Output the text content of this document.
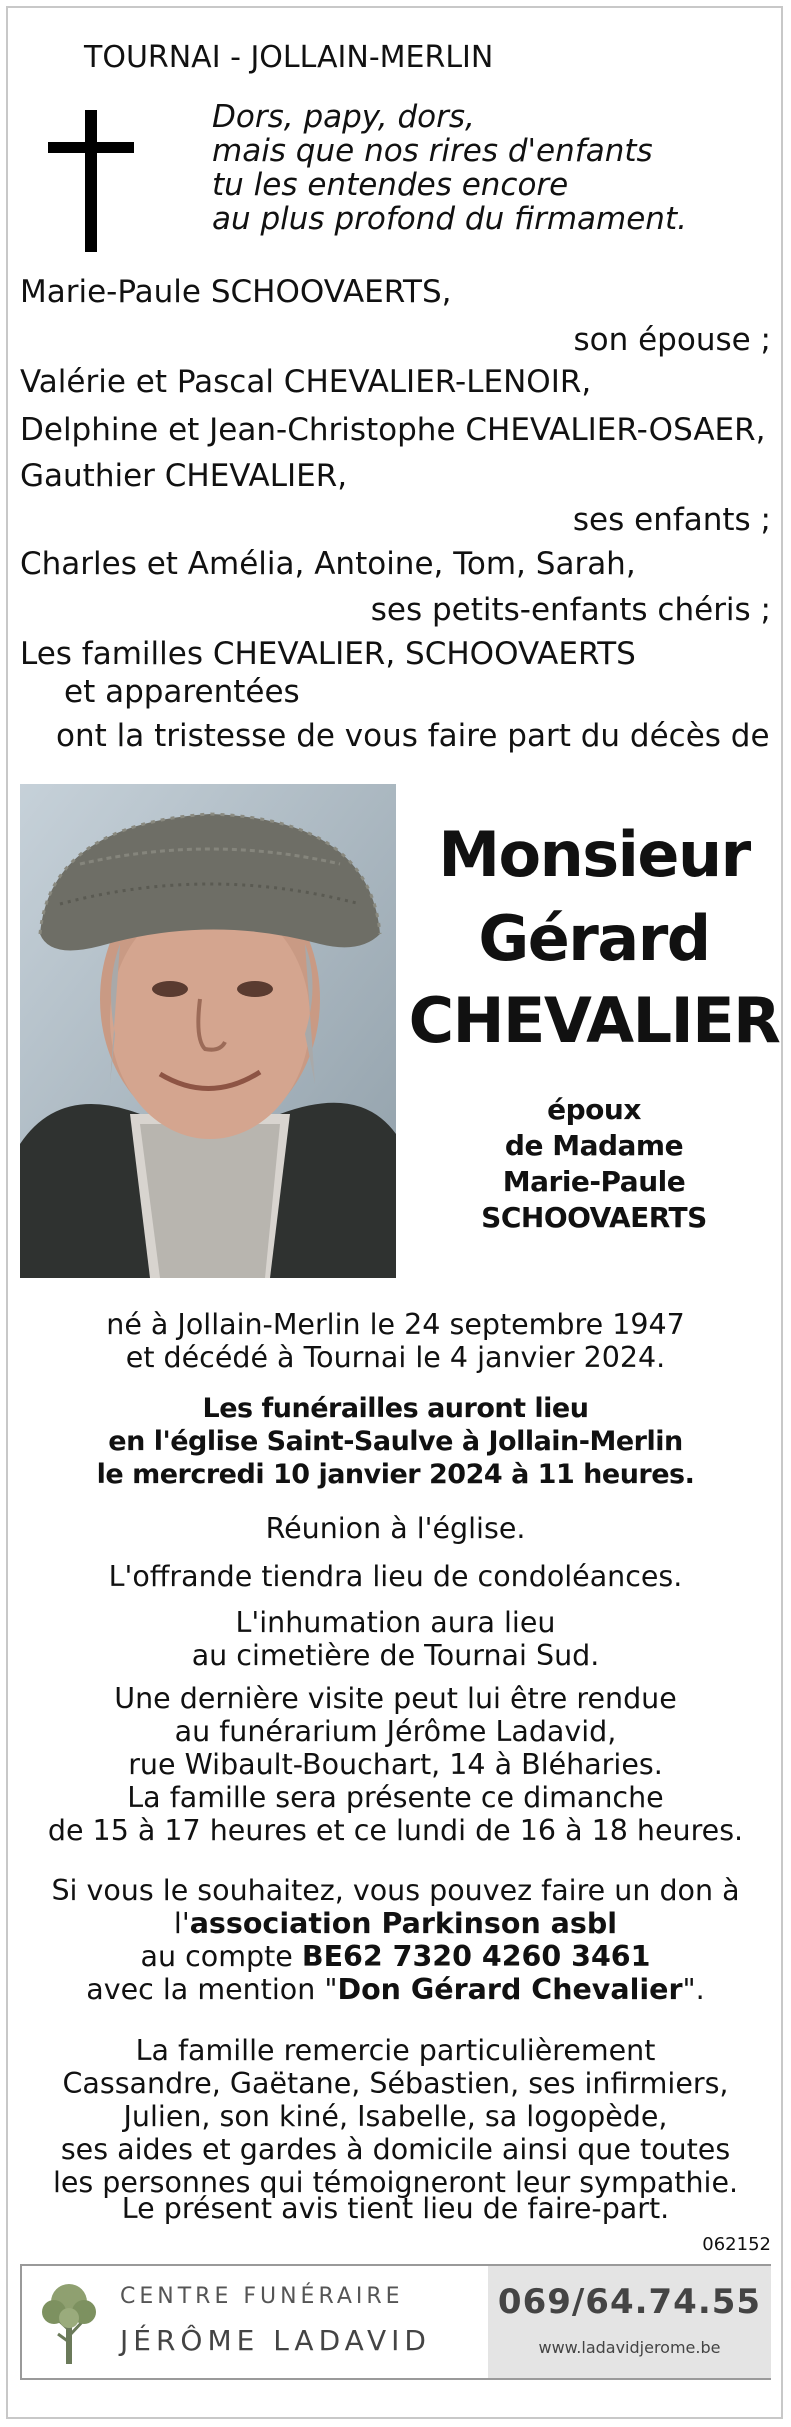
TOURNAI - JOLLAIN-MERLIN
Dors, papy, dors,
mais que nos rires d'enfants
tu les entendes encore
au plus profond du firmament.
Marie-Paule SCHOOVAERTS,
son épouse ;
Valérie et Pascal CHEVALIER-LENOIR,
Delphine et Jean-Christophe CHEVALIER-OSAER,
Gauthier CHEVALIER,
ses enfants ;
Charles et Amélia, Antoine, Tom, Sarah,
ses petits-enfants chéris ;
Les familles CHEVALIER, SCHOOVAERTS
et apparentées
ont la tristesse de vous faire part du décès de
Monsieur
Gérard
CHEVALIER
époux
de Madame
Marie-Paule
SCHOOVAERTS
né à Jollain-Merlin le 24 septembre 1947
et décédé à Tournai le 4 janvier 2024.
Les funérailles auront lieu
en l'église Saint-Saulve à Jollain-Merlin
le mercredi 10 janvier 2024 à 11 heures.
Réunion à l'église.
L'offrande tiendra lieu de condoléances.
L'inhumation aura lieu
au cimetière de Tournai Sud.
Une dernière visite peut lui être rendue
au funérarium Jérôme Ladavid,
rue Wibault-Bouchart, 14 à Bléharies.
La famille sera présente ce dimanche
de 15 à 17 heures et ce lundi de 16 à 18 heures.
Si vous le souhaitez, vous pouvez faire un don à
l'association Parkinson asbl
au compte BE62 7320 4260 3461
avec la mention "Don Gérard Chevalier".
La famille remercie particulièrement
Cassandre, Gaëtane, Sébastien, ses infirmiers,
Julien, son kiné, Isabelle, sa logopède,
ses aides et gardes à domicile ainsi que toutes
les personnes qui témoigneront leur sympathie.
Le présent avis tient lieu de faire-part.
062152
CENTRE FUNÉRAIRE
JÉRÔME LADAVID
069/64.74.55
www.ladavidjerome.be
